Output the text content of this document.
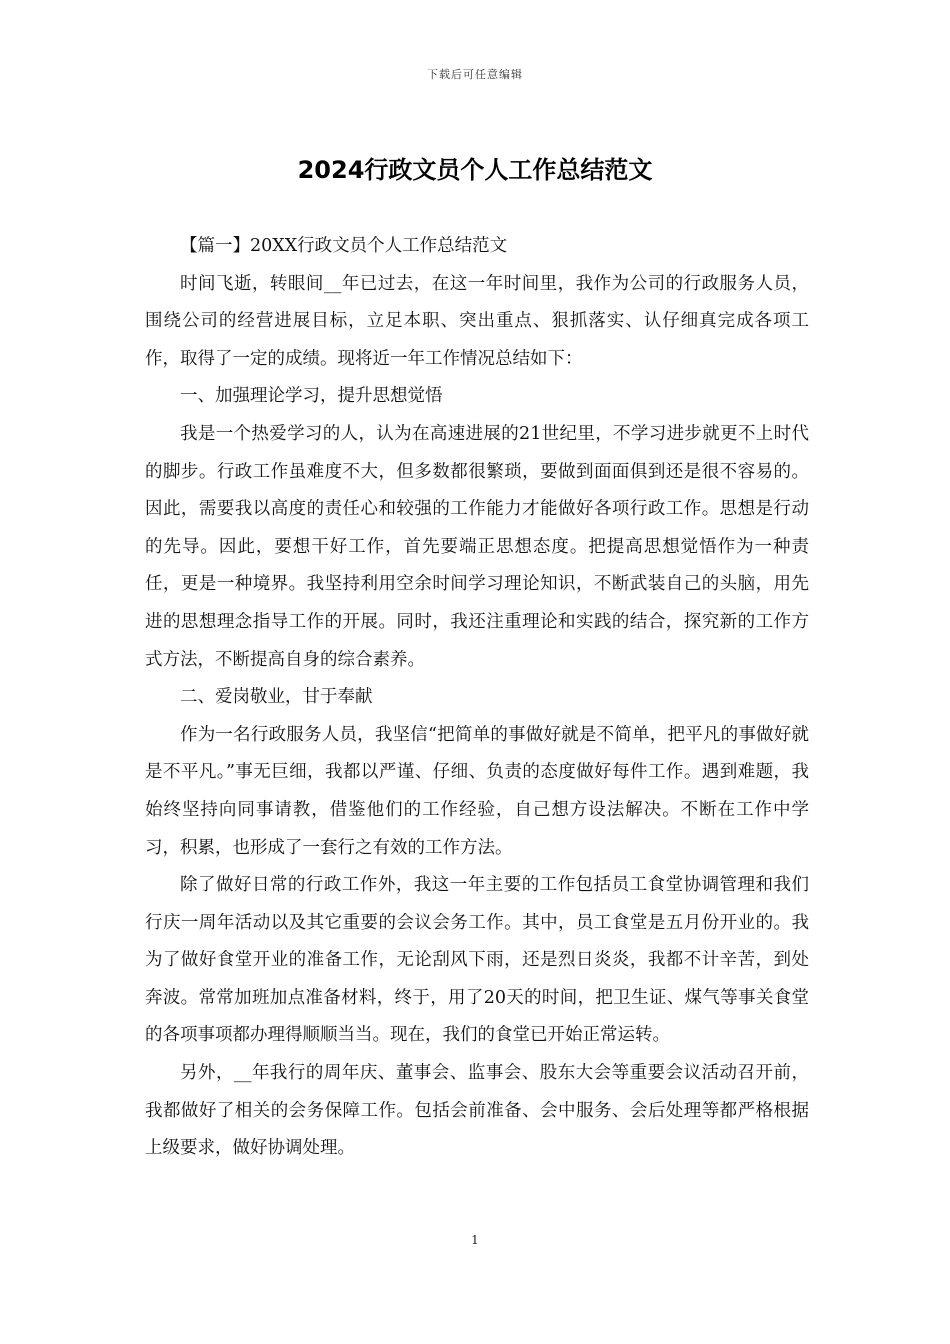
下载后可任意编辑
2024行政文员个人工作总结范文

【篇一】20XX行政文员个人工作总结范文

时间飞逝，转眼间__年已过去，在这一年时间里，我作为公司的行政服务人员，围绕公司的经营进展目标，立足本职、突出重点、狠抓落实、认仔细真完成各项工作，取得了一定的成绩。现将近一年工作情况总结如下：

一、加强理论学习，提升思想觉悟

我是一个热爱学习的人，认为在高速进展的21世纪里，不学习进步就更不上时代的脚步。行政工作虽难度不大，但多数都很繁琐，要做到面面俱到还是很不容易的。因此，需要我以高度的责任心和较强的工作能力才能做好各项行政工作。思想是行动的先导。因此，要想干好工作，首先要端正思想态度。把提高思想觉悟作为一种责任，更是一种境界。我坚持利用空余时间学习理论知识，不断武装自己的头脑，用先进的思想理念指导工作的开展。同时，我还注重理论和实践的结合，探究新的工作方式方法，不断提高自身的综合素养。

二、爱岗敬业，甘于奉献

作为一名行政服务人员，我坚信“把简单的事做好就是不简单，把平凡的事做好就是不平凡。”事无巨细，我都以严谨、仔细、负责的态度做好每件工作。遇到难题，我始终坚持向同事请教，借鉴他们的工作经验，自己想方设法解决。不断在工作中学习，积累，也形成了一套行之有效的工作方法。

除了做好日常的行政工作外，我这一年主要的工作包括员工食堂协调管理和我们行庆一周年活动以及其它重要的会议会务工作。其中，员工食堂是五月份开业的。我为了做好食堂开业的准备工作，无论刮风下雨，还是烈日炎炎，我都不计辛苦，到处奔波。常常加班加点准备材料，终于，用了20天的时间，把卫生证、煤气等事关食堂的各项事项都办理得顺顺当当。现在，我们的食堂已开始正常运转。

另外，__年我行的周年庆、董事会、监事会、股东大会等重要会议活动召开前，我都做好了相关的会务保障工作。包括会前准备、会中服务、会后处理等都严格根据上级要求，做好协调处理。

1
